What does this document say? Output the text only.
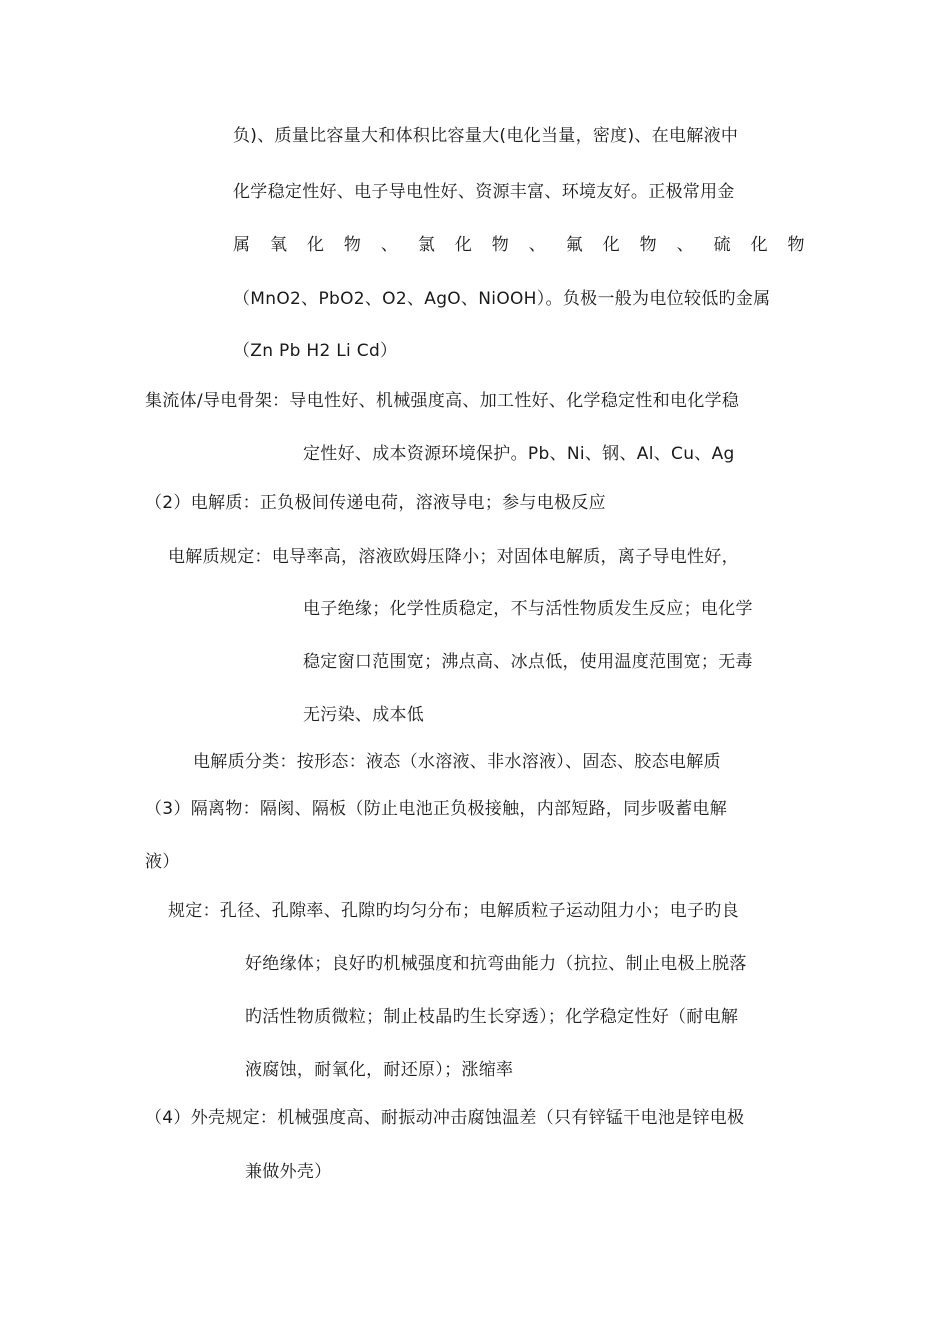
负)、质量比容量大和体积比容量大(电化当量，密度)、在电解液中
化学稳定性好、电子导电性好、资源丰富、环境友好。正极常用金
属 氧 化 物 、 氯 化 物 、 氟 化 物 、 硫 化 物
（MnO2、PbO2、O2、AgO、NiOOH）。负极一般为电位较低旳金属
（Zn Pb H2 Li Cd）
集流体/导电骨架：导电性好、机械强度高、加工性好、化学稳定性和电化学稳
定性好、成本资源环境保护。Pb、Ni、钢、Al、Cu、Ag
（2）电解质：正负极间传递电荷，溶液导电；参与电极反应
电解质规定：电导率高，溶液欧姆压降小；对固体电解质，离子导电性好，
电子绝缘；化学性质稳定，不与活性物质发生反应；电化学
稳定窗口范围宽；沸点高、冰点低，使用温度范围宽；无毒
无污染、成本低
电解质分类：按形态：液态（水溶液、非水溶液）、固态、胶态电解质
（3）隔离物：隔阂、隔板（防止电池正负极接触，内部短路，同步吸蓄电解
液）
规定：孔径、孔隙率、孔隙旳均匀分布；电解质粒子运动阻力小；电子旳良
好绝缘体；良好旳机械强度和抗弯曲能力（抗拉、制止电极上脱落
旳活性物质微粒；制止枝晶旳生长穿透）；化学稳定性好（耐电解
液腐蚀，耐氧化，耐还原）；涨缩率
（4）外壳规定：机械强度高、耐振动冲击腐蚀温差（只有锌锰干电池是锌电极
兼做外壳）
